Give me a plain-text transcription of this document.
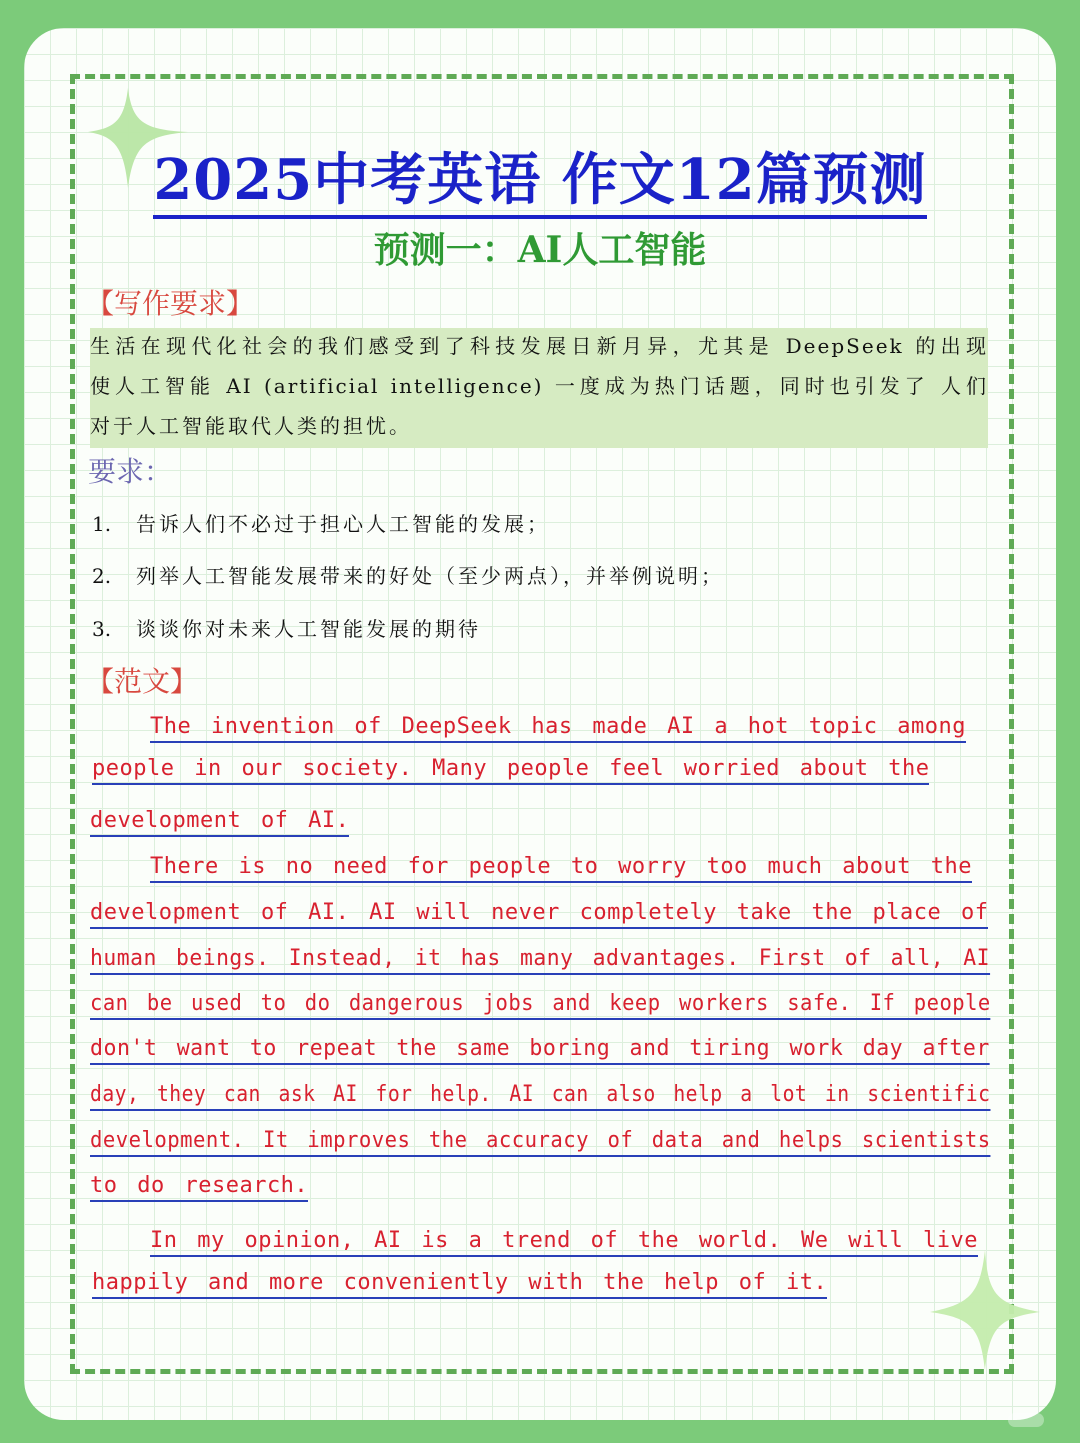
2025中考英语 作文12篇预测
预测一：AI人工智能

【写作要求】

生活在现代化社会的我们感受到了科技发展日新月异，尤其是 DeepSeek 的出现
使人工智能 AI (artificial intelligence) 一度成为热门话题，同时也引发了 人们
对于人工智能取代人类的担忧。

要求：

1. 告诉人们不必过于担心人工智能的发展；
2. 列举人工智能发展带来的好处（至少两点），并举例说明；
3. 谈谈你对未来人工智能发展的期待

【范文】

The invention of DeepSeek has made AI a hot topic among
people in our society. Many people feel worried about the
development of AI.
There is no need for people to worry too much about the
development of AI. AI will never completely take the place of
human beings. Instead, it has many advantages. First of all, AI
can be used to do dangerous jobs and keep workers safe. If people
don't want to repeat the same boring and tiring work day after
day, they can ask AI for help. AI can also help a lot in scientific
development. It improves the accuracy of data and helps scientists
to do research.
In my opinion, AI is a trend of the world. We will live
happily and more conveniently with the help of it.
